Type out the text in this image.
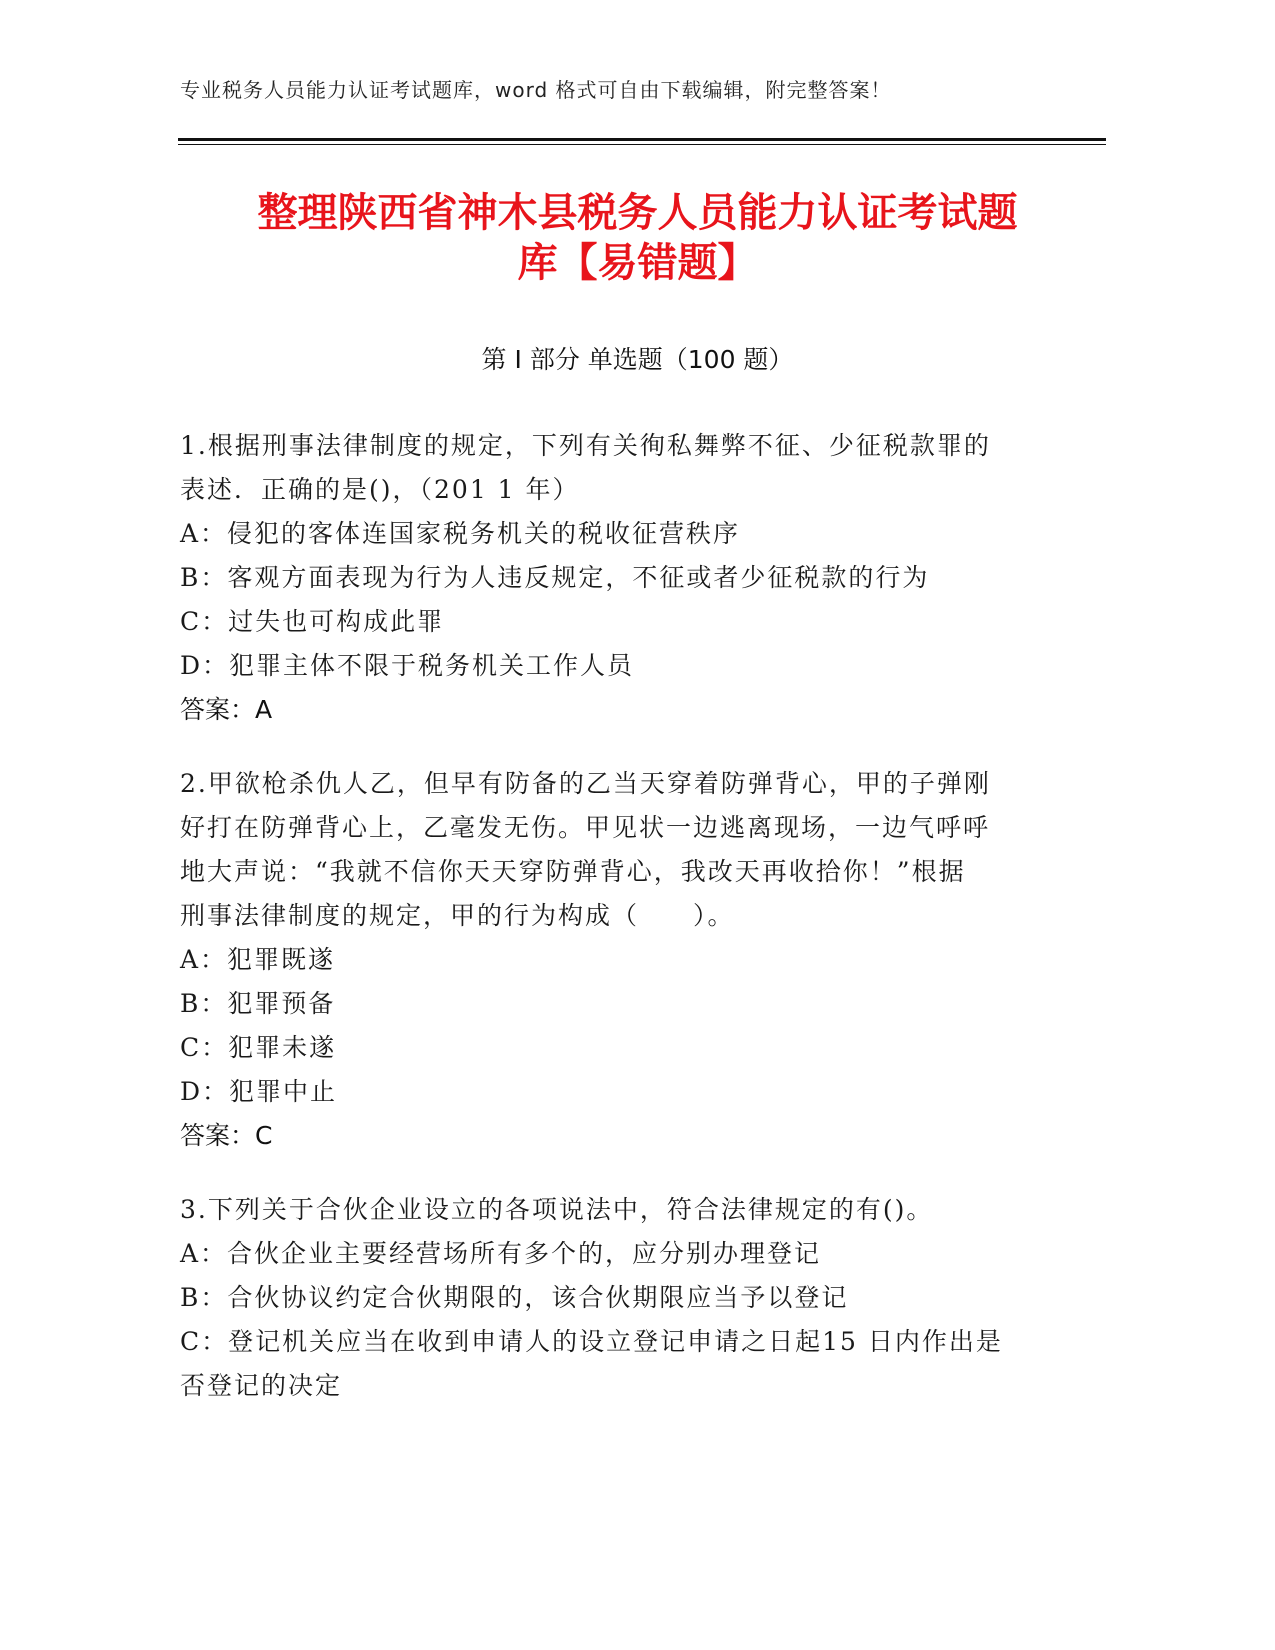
专业税务人员能力认证考试题库，word 格式可自由下载编辑，附完整答案！
整理陕西省神木县税务人员能力认证考试题
库【易错题】
第 I 部分 单选题（100 题）

1.根据刑事法律制度的规定，下列有关徇私舞弊不征、少征税款罪的

表述．正确的是()，（201 1 年）

A：侵犯的客体连国家税务机关的税收征营秩序

B：客观方面表现为行为人违反规定，不征或者少征税款的行为

C：过失也可构成此罪

D：犯罪主体不限于税务机关工作人员

答案：A

2.甲欲枪杀仇人乙，但早有防备的乙当天穿着防弹背心，甲的子弹刚

好打在防弹背心上，乙毫发无伤。甲见状一边逃离现场，一边气呼呼

地大声说：“我就不信你天天穿防弹背心，我改天再收拾你！”根据

刑事法律制度的规定，甲的行为构成（　　）。

A：犯罪既遂

B：犯罪预备

C：犯罪未遂

D：犯罪中止

答案：C

3.下列关于合伙企业设立的各项说法中，符合法律规定的有()。

A：合伙企业主要经营场所有多个的，应分别办理登记

B：合伙协议约定合伙期限的，该合伙期限应当予以登记

C：登记机关应当在收到申请人的设立登记申请之日起15 日内作出是

否登记的决定
